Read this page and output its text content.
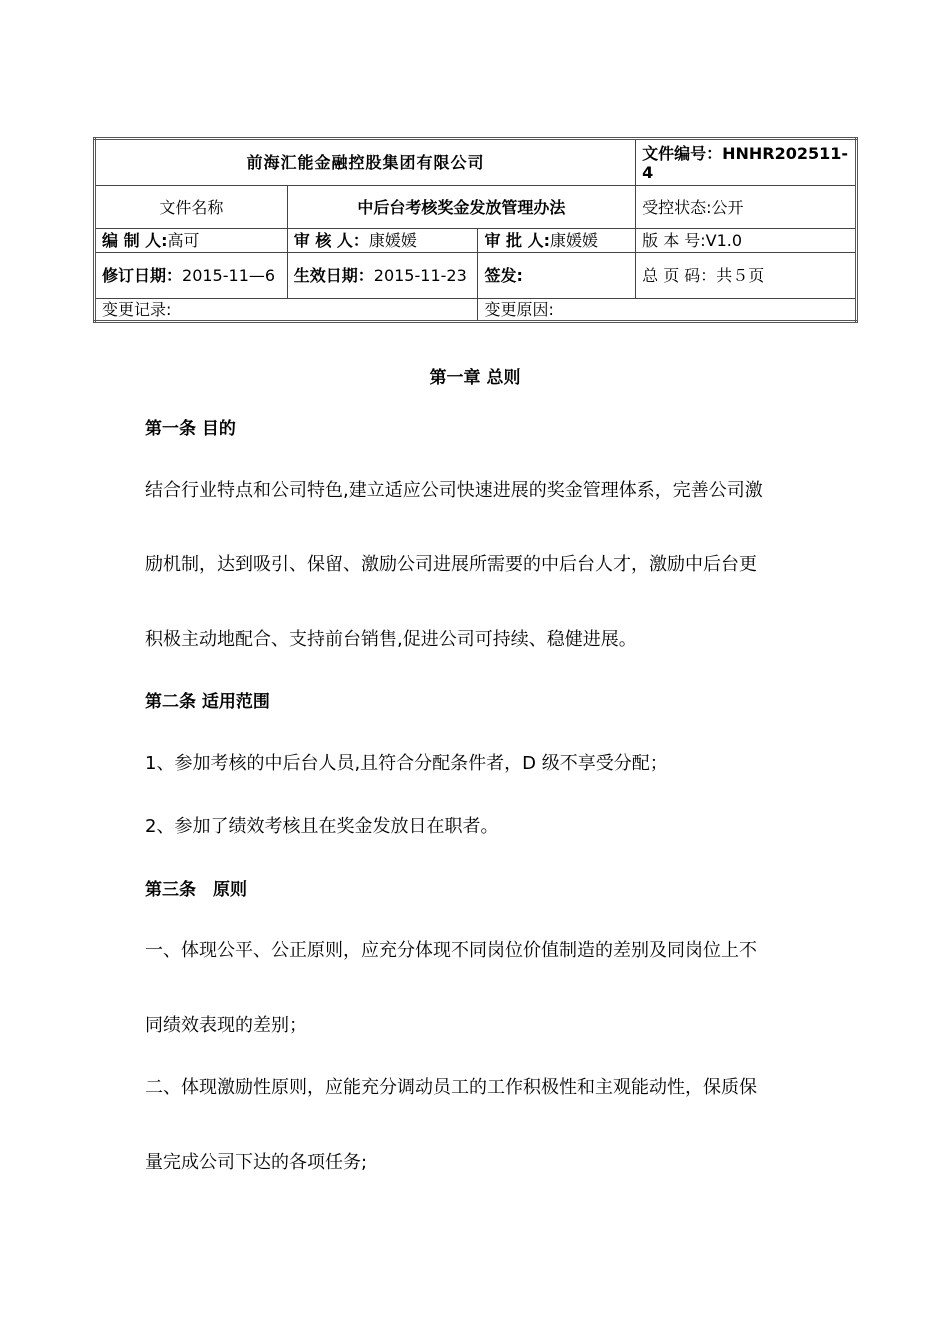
前海汇能金融控股集团有限公司			文件编号：HNHR202511-4
文件名称	中后台考核奖金发放管理办法		受控状态:公开
编 制 人:高可	审 核 人：康媛媛	审 批 人:康媛媛	版 本 号:V1.0
修订日期：2015-11—6	生效日期：2015-11-23	签发:	总 页 码：共５页
变更记录:		变更原因:	
第一章 总则
第一条 目的
结合行业特点和公司特色,建立适应公司快速进展的奖金管理体系，完善公司激
励机制，达到吸引、保留、激励公司进展所需要的中后台人才，激励中后台更
积极主动地配合、支持前台销售,促进公司可持续、稳健进展。
第二条 适用范围
1、参加考核的中后台人员,且符合分配条件者，D 级不享受分配；
2、参加了绩效考核且在奖金发放日在职者。
第三条　原则
一、体现公平、公正原则，应充分体现不同岗位价值制造的差别及同岗位上不
同绩效表现的差别；
二、体现激励性原则，应能充分调动员工的工作积极性和主观能动性，保质保
量完成公司下达的各项任务;
